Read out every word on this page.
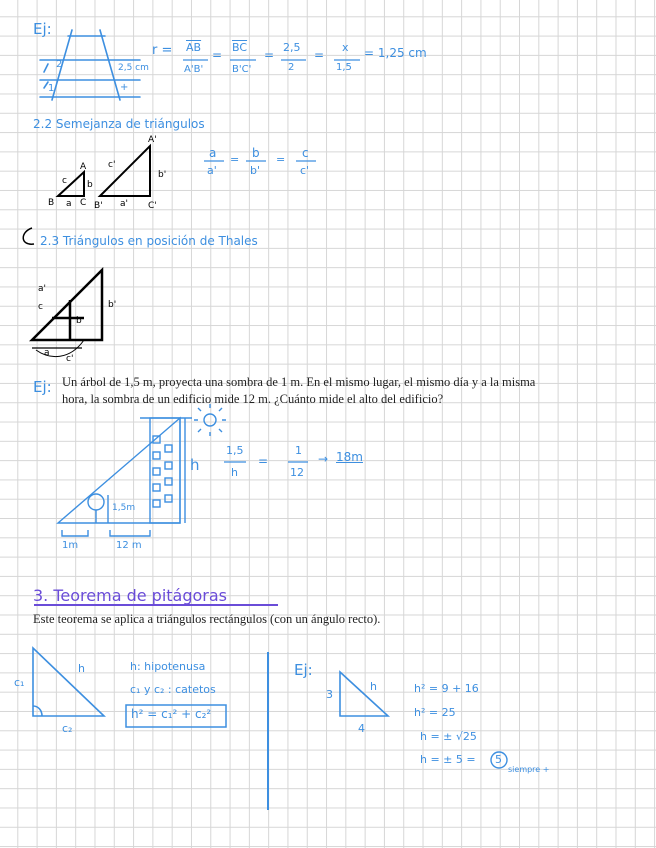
Ej:
2
1
2,5 cm
+
$r = \overline{AB}$
A'B'
=
$\overline{BC}$
B'C'
=
2,5
2
=
x
1,5
= 1,25 cm
2.2 Semejanza de triángulos
A
c b
B a C
A'
c'
b'
B' a' C'
a
a'
= b
b'
= c
c'
2.3 Triángulos en posición de Thales
a'
c
b
b'
a
c'
Ej: Un árbol de 1,5 m, proyecta una sombra de 1 m. En el mismo lugar, el mismo día y a la misma
hora, la sombra de un edificio mide 12 m. ¿Cuánto mide el alto del edificio?
h
1,5m
1m	12 m
1,5
h
=
1
12
→ 18m
3. Teorema de pitágoras
Este teorema se aplica a triángulos rectángulos (con un ángulo recto).
h
c₁
c₂
h: hipotenusa
c₁ y c₂ : catetos
h² = c₁² + c₂²
Ej:
3
4
h	h² = 9 + 16
h² = 25
h = ± √25
h = ± 5 = 5
siempre +
